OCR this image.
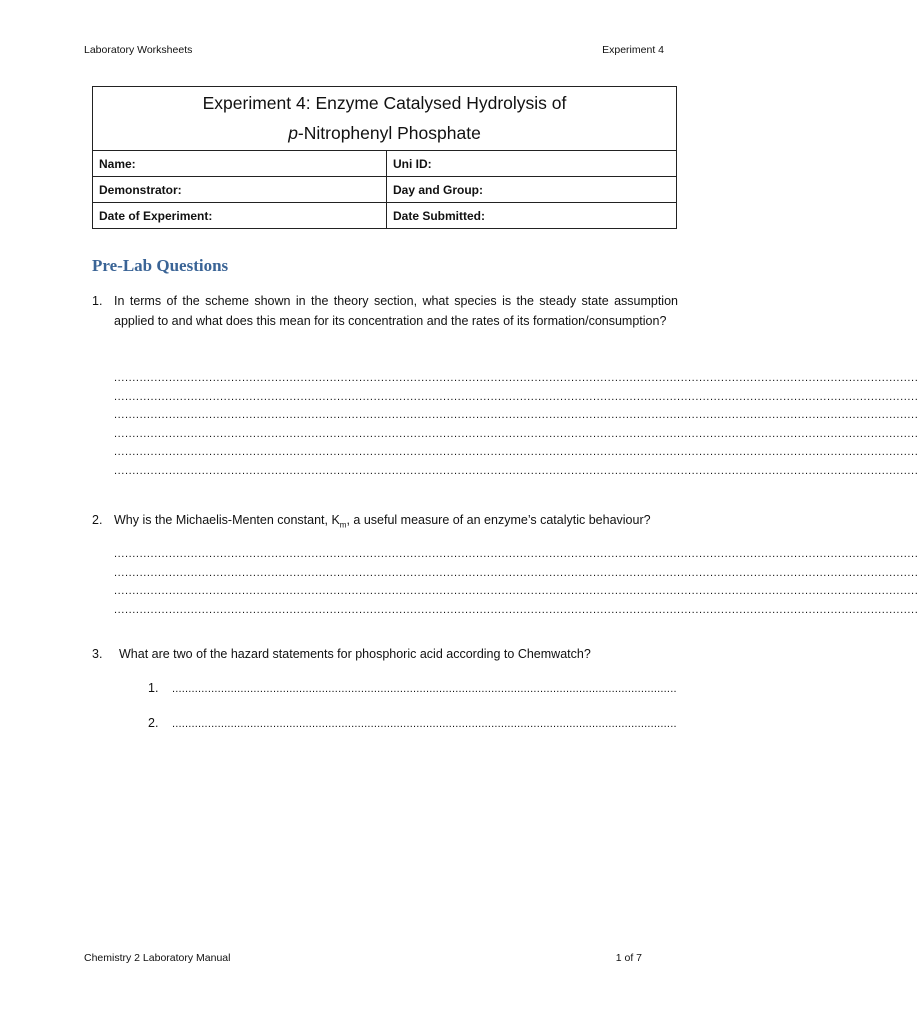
Laboratory Worksheets	Experiment 4
Experiment 4: Enzyme Catalysed Hydrolysis of
p-Nitrophenyl Phosphate	
Name:	Uni ID:
Demonstrator:	Day and Group:
Date of Experiment:	Date Submitted:
Pre-Lab Questions
1. In terms of the scheme shown in the theory section, what species is the steady state assumption applied to and what does this mean for its concentration and the rates of its formation/consumption?
............................................................................................................................................................................................................................
............................................................................................................................................................................................................................
............................................................................................................................................................................................................................
............................................................................................................................................................................................................................
............................................................................................................................................................................................................................
............................................................................................................................................................................................................................
2. Why is the Michaelis-Menten constant, $K_m$, a useful measure of an enzyme’s catalytic behaviour?
............................................................................................................................................................................................................................
............................................................................................................................................................................................................................
............................................................................................................................................................................................................................
............................................................................................................................................................................................................................
3. What are two of the hazard statements for phosphoric acid according to Chemwatch?
1. ...........................................................................................................................................................
2. ...........................................................................................................................................................
Chemistry 2 Laboratory Manual	1 of 7
